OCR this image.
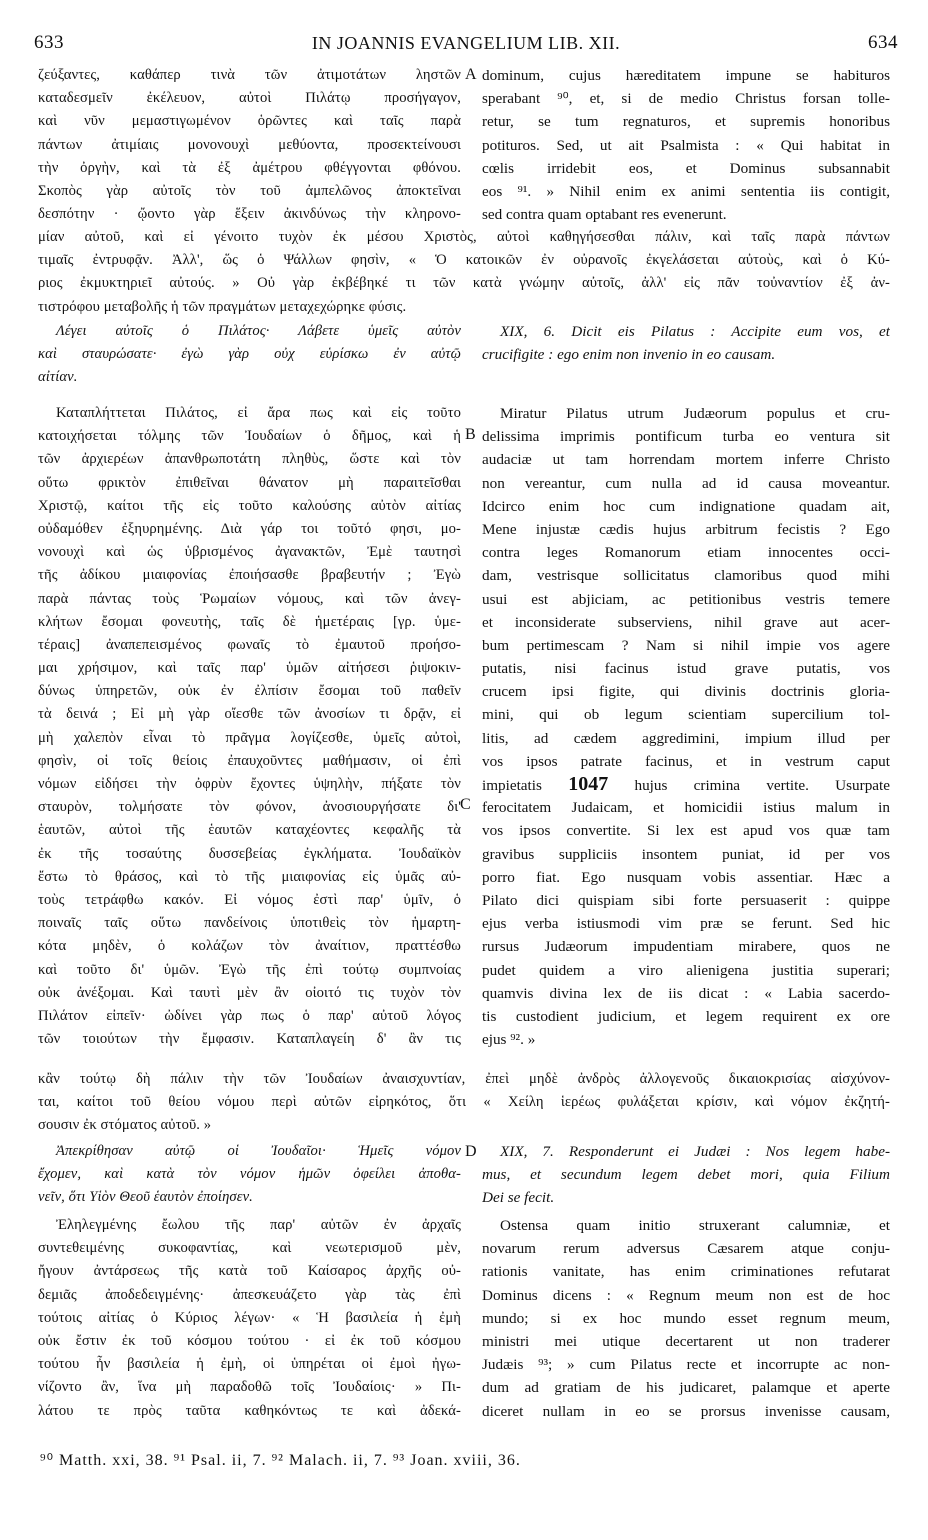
633	IN JOANNIS EVANGELIUM LIB. XII.	634
ζεύξαντες, καθάπερ τινὰ τῶν ἀτιμοτάτων ληστῶν
καταδεσμεῖν ἐκέλευον, αὐτοὶ Πιλάτῳ προσήγαγον,
καὶ νῦν μεμαστιγωμένον ὁρῶντες καὶ ταῖς παρὰ
πάντων ἀτιμίαις μονονουχὶ μεθύοντα, προσεκτείνουσι
τὴν ὀργὴν, καὶ τὰ ἐξ ἀμέτρου φθέγγονται φθόνου.
Σκοπὸς γὰρ αὐτοῖς τὸν τοῦ ἀμπελῶνος ἀποκτεῖναι
δεσπότην · ᾤοντο γὰρ ἕξειν ἀκινδύνως τὴν κληρονο-
A dominum, cujus hæreditatem impune se habituros
sperabant ⁹⁰, et, si de medio Christus forsan tolle-
retur, se tum regnaturos, et supremis honoribus
potituros. Sed, ut ait Psalmista : « Qui habitat in
cœlis irridebit eos, et Dominus subsannabit
eos ⁹¹. » Nihil enim ex animi sententia iis contigit,
sed contra quam optabant res evenerunt.
μίαν αὐτοῦ, καὶ εἰ γένοιτο τυχὸν ἐκ μέσου Χριστὸς, αὐτοὶ καθηγήσεσθαι πάλιν, καὶ ταῖς παρὰ πάντων
τιμαῖς ἐντρυφᾷν. Ἀλλ', ὥς ὁ Ψάλλων φησὶν, « Ὁ κατοικῶν ἐν οὐρανοῖς ἐκγελάσεται αὐτοὺς, καὶ ὁ Κύ-
ριος ἐκμυκτηριεῖ αὐτούς. » Οὐ γὰρ ἐκβέβηκέ τι τῶν κατὰ γνώμην αὐτοῖς, ἀλλ' εἰς πᾶν τοὐναντίον ἐξ ἀν-
τιστρόφου μεταβολῆς ἡ τῶν πραγμάτων μεταχεχώρηκε φύσις.
Λέγει αὐτοῖς ὁ Πιλάτος· Λάβετε ὑμεῖς αὐτὸν
καὶ σταυρώσατε· ἐγὼ γὰρ οὐχ εὑρίσκω ἐν αὐτῷ
αἰτίαν.
XIX, 6. Dicit eis Pilatus : Accipite eum vos, et
crucifigite : ego enim non invenio in eo causam.
Καταπλήττεται Πιλάτος, εἰ ἄρα πως καὶ εἰς τοῦτο
κατοιχήσεται τόλμης τῶν Ἰουδαίων ὁ δῆμος, καὶ ἡ
τῶν ἀρχιερέων ἀπανθρωποτάτη πληθὺς, ὥστε καὶ τὸν
οὕτω φρικτὸν ἐπιθεῖναι θάνατον μὴ παραιτεῖσθαι
Χριστῷ, καίτοι τῆς εἰς τοῦτο καλούσης αὐτὸν αἰτίας
οὐδαμόθεν ἐξηυρημένης. Διὰ γάρ τοι τοῦτό φησι, μο-
νονουχὶ καὶ ὡς ὑβρισμένος ἀγανακτῶν, Ἐμὲ ταυτησὶ
τῆς ἀδίκου μιαιφονίας ἐποιήσασθε βραβευτήν ; Ἐγὼ
παρὰ πάντας τοὺς Ῥωμαίων νόμους, καὶ τῶν ἀνεγ-
κλήτων ἔσομαι φονευτὴς, ταῖς δὲ ἡμετέραις [γρ. ὑμε-
τέραις] ἀναπεπεισμένος φωναῖς τὸ ἐμαυτοῦ προήσο-
μαι χρήσιμον, καὶ ταῖς παρ' ὑμῶν αἰτήσεσι ῥιψοκιν-
δύνως ὑπηρετῶν, οὐκ ἐν ἐλπίσιν ἔσομαι τοῦ παθεῖν
τὰ δεινά ; Εἰ μὴ γὰρ οἴεσθε τῶν ἀνοσίων τι δρᾷν, εἰ
μὴ χαλεπὸν εἶναι τὸ πρᾶγμα λογίζεσθε, ὑμεῖς αὐτοὶ,
φησὶν, οἱ τοῖς θείοις ἐπαυχοῦντες μαθήμασιν, οἱ ἐπὶ
νόμων εἰδήσει τὴν ὀφρὺν ἔχοντες ὑψηλὴν, πήξατε τὸν
σταυρὸν, τολμήσατε τὸν φόνον, ἀνοσιουργήσατε δι'
ἑαυτῶν, αὐτοὶ τῆς ἑαυτῶν καταχέοντες κεφαλῆς τὰ
ἐκ τῆς τοσαύτης δυσσεβείας ἐγκλήματα. Ἰουδαϊκὸν
ἔστω τὸ θράσος, καὶ τὸ τῆς μιαιφονίας εἰς ὑμᾶς αὐ-
τοὺς τετράφθω κακόν. Εἰ νόμος ἐστὶ παρ' ὑμῖν, ὁ
ποιναῖς ταῖς οὕτω πανδείνοις ὑποτιθεὶς τὸν ἡμαρτη-
κότα μηδὲν, ὁ κολάζων τὸν ἀναίτιον, πραττέσθω
καὶ τοῦτο δι' ὑμῶν. Ἐγὼ τῆς ἐπὶ τούτῳ συμπνοίας
οὐκ ἀνέξομαι. Καὶ ταυτὶ μὲν ἂν οἰοιτό τις τυχὸν τὸν
Πιλάτον εἰπεῖν· ὠδίνει γὰρ πως ὁ παρ' αὐτοῦ λόγος
τῶν τοιούτων τὴν ἔμφασιν. Καταπλαγείη δ' ἂν τις
B
Miratur Pilatus utrum Judæorum populus et cru-
delissima imprimis pontificum turba eo ventura sit
audaciæ ut tam horrendam mortem inferre Christo
non vereantur, cum nulla ad id causa moveantur.
Idcirco enim hoc cum indignatione quadam ait,
Mene injustæ cædis hujus arbitrum fecistis ? Ego
contra leges Romanorum etiam innocentes occi-
dam, vestrisque sollicitatus clamoribus quod mihi
usui est abjiciam, ac petitionibus vestris temere
et inconsiderate subserviens, nihil grave aut acer-
bum pertimescam ? Nam si nihil impie vos agere
putatis, nisi facinus istud grave putatis, vos
crucem ipsi figite, qui divinis doctrinis gloria-
mini, qui ob legum scientiam supercilium tol-
litis, ad cædem aggredimini, impium illud per
vos ipsos patrate facinus, et in vestrum caput
impietatis 1047 hujus crimina vertite. Usurpate
ferocitatem Judaicam, et homicidii istius malum in
vos ipsos convertite. Si lex est apud vos quæ tam
gravibus suppliciis insontem puniat, id per vos
porro fiat. Ego nusquam vobis assentiar. Hæc a
Pilato dici quispiam sibi forte persuaserit : quippe
ejus verba istiusmodi vim præ se ferunt. Sed hic
rursus Judæorum impudentiam mirabere, quos ne
pudet quidem a viro alienigena justitia superari;
quamvis divina lex de iis dicat : « Labia sacerdo-
tis custodient judicium, et legem requirent ex ore
ejus ⁹². »
C
κἂν τούτῳ δὴ πάλιν τὴν τῶν Ἰουδαίων ἀναισχυντίαν, ἐπεὶ μηδὲ ἀνδρὸς ἀλλογενοῦς δικαιοκρισίας αἰσχύνον-
ται, καίτοι τοῦ θείου νόμου περὶ αὐτῶν εἰρηκότος, ὅτι « Χείλη ἱερέως φυλάξεται κρίσιν, καὶ νόμον ἐκζητή-
σουσιν ἐκ στόματος αὐτοῦ. »
Ἀπεκρίθησαν αὐτῷ οἱ Ἰουδαῖοι· Ἡμεῖς νόμον
ἔχομεν, καὶ κατὰ τὸν νόμον ἡμῶν ὀφείλει ἀποθα-
νεῖν, ὅτι Υἱὸν Θεοῦ ἑαυτὸν ἐποίησεν.
D	XIX, 7. Responderunt ei Judæi : Nos legem habe-
mus, et secundum legem debet mori, quia Filium
Dei se fecit.
Ἐληλεγμένης ἔωλου τῆς παρ' αὐτῶν ἐν ἀρχαῖς
συντεθειμένης συκοφαντίας, καὶ νεωτερισμοῦ μὲν,
ἤγουν ἀντάρσεως τῆς κατὰ τοῦ Καίσαρος ἀρχῆς οὐ-
δεμιᾶς ἀποδεδειγμένης· ἀπεσκευάζετο γὰρ τὰς ἐπὶ
τούτοις αἰτίας ὁ Κύριος λέγων· « Ἡ βασιλεία ἡ ἐμὴ
οὐκ ἔστιν ἐκ τοῦ κόσμου τούτου · εἰ ἐκ τοῦ κόσμου
τούτου ἦν βασιλεία ἡ ἐμὴ, οἱ ὑπηρέται οἱ ἐμοὶ ἠγω-
νίζοντο ἂν, ἵνα μὴ παραδοθῶ τοῖς Ἰουδαίοις· » Πι-
λάτου τε πρὸς ταῦτα καθηκόντως τε καὶ ἀδεκά-
Ostensa quam initio struxerant calumniæ, et
novarum rerum adversus Cæsarem atque conju-
rationis vanitate, has enim criminationes refutarat
Dominus dicens : « Regnum meum non est de hoc
mundo; si ex hoc mundo esset regnum meum,
ministri mei utique decertarent ut non traderer
Judæis ⁹³; » cum Pilatus recte et incorrupte ac non-
dum ad gratiam de his judicaret, palamque et aperte
diceret nullam in eo se prorsus invenisse causam,
⁹⁰ Matth. xxi, 38. ⁹¹ Psal. ii, 7. ⁹² Malach. ii, 7. ⁹³ Joan. xviii, 36.
